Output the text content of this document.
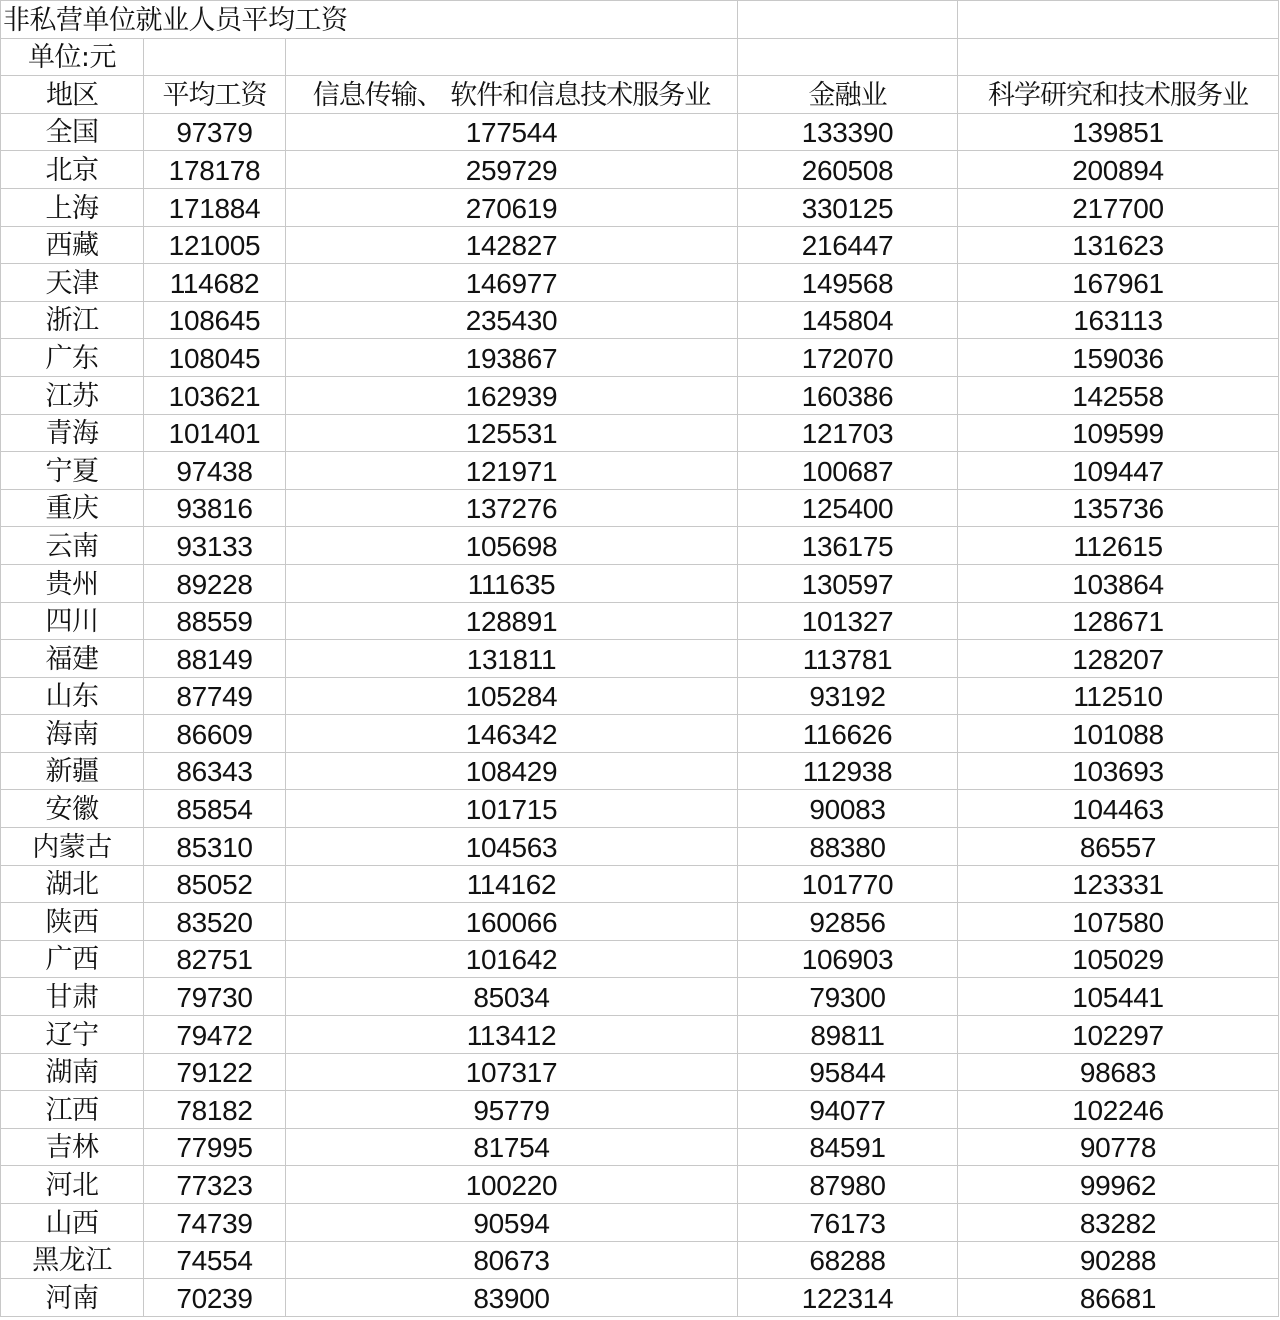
非私营单位就业人员平均工资				
单位:元				
地区	平均工资	信息传输、 软件和信息技术服务业	金融业	科学研究和技术服务业
全国	97379	177544	133390	139851
北京	178178	259729	260508	200894
上海	171884	270619	330125	217700
西藏	121005	142827	216447	131623
天津	114682	146977	149568	167961
浙江	108645	235430	145804	163113
广东	108045	193867	172070	159036
江苏	103621	162939	160386	142558
青海	101401	125531	121703	109599
宁夏	97438	121971	100687	109447
重庆	93816	137276	125400	135736
云南	93133	105698	136175	112615
贵州	89228	111635	130597	103864
四川	88559	128891	101327	128671
福建	88149	131811	113781	128207
山东	87749	105284	93192	112510
海南	86609	146342	116626	101088
新疆	86343	108429	112938	103693
安徽	85854	101715	90083	104463
内蒙古	85310	104563	88380	86557
湖北	85052	114162	101770	123331
陕西	83520	160066	92856	107580
广西	82751	101642	106903	105029
甘肃	79730	85034	79300	105441
辽宁	79472	113412	89811	102297
湖南	79122	107317	95844	98683
江西	78182	95779	94077	102246
吉林	77995	81754	84591	90778
河北	77323	100220	87980	99962
山西	74739	90594	76173	83282
黑龙江	74554	80673	68288	90288
河南	70239	83900	122314	86681
